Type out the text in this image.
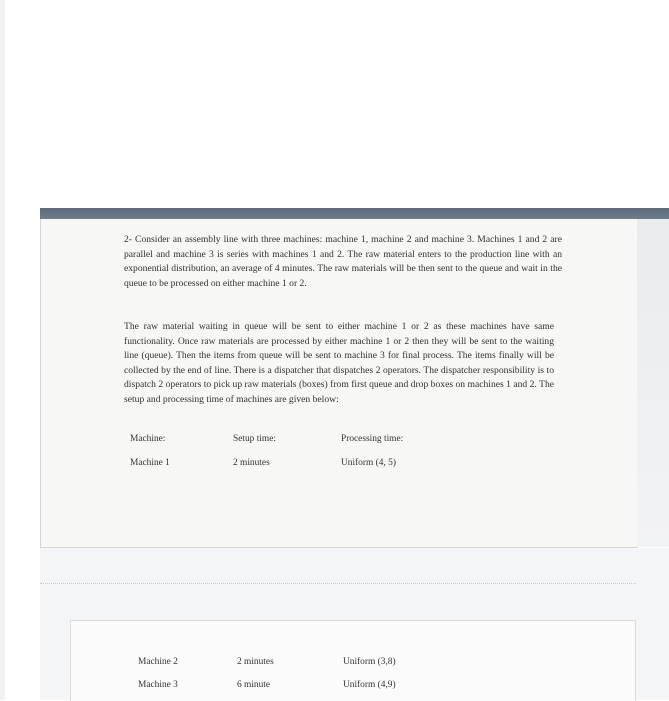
2- Consider an assembly line with three machines: machine 1, machine 2 and machine 3. Machines 1 and 2 are parallel and machine 3 is series with machines 1 and 2. The raw material enters to the production line with an exponential distribution, an average of 4 minutes. The raw materials will be then sent to the queue and wait in the queue to be processed on either machine 1 or 2.

The raw material waiting in queue will be sent to either machine 1 or 2 as these machines have same functionality. Once raw materials are processed by either machine 1 or 2 then they will be sent to the waiting line (queue). Then the items from queue will be sent to machine 3 for final process. The items finally will be collected by the end of line. There is a dispatcher that dispatches 2 operators. The dispatcher responsibility is to dispatch 2 operators to pick up raw materials (boxes) from first queue and drop boxes on machines 1 and 2. The setup and processing time of machines are given below:

Machine:	Setup time:	Processing time:
Machine 1	2 minutes	Uniform (4, 5)
Machine 2	2 minutes	Uniform (3,8)
Machine 3	6 minute	Uniform (4,9)
